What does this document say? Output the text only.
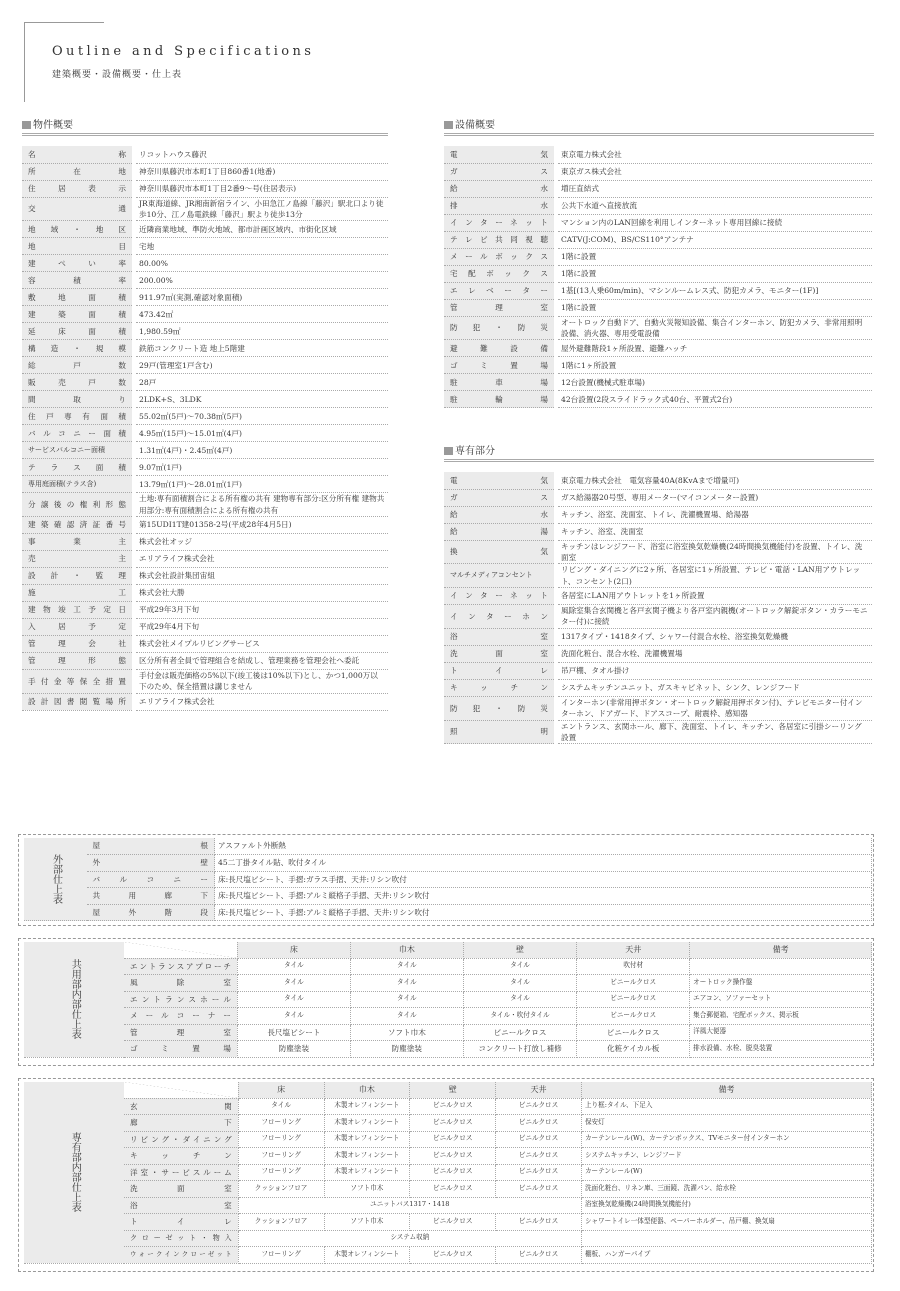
Outline and Specifications
建築概要・設備概要・仕上表
物件概要
名称	リコットハウス藤沢
所在地	神奈川県藤沢市本町1丁目860番1(地番)
住居表示	神奈川県藤沢市本町1丁目2番9〜号(住居表示)
交通	JR東海道線、JR湘南新宿ライン、小田急江ノ島線「藤沢」駅北口より徒歩10分、江ノ島電鉄線「藤沢」駅より徒歩13分
地域・地区	近隣商業地域、準防火地域、都市計画区域内、市街化区域
地目	宅地
建ぺい率	80.00%
容積率	200.00%
敷地面積	911.97㎡(実測,確認対象面積)
建築面積	473.42㎡
延床面積	1,980.59㎡
構造・規模	鉄筋コンクリート造 地上5階建
総戸数	29戸(管理室1戸含む)
販売戸数	28戸
間取り	2LDK+S、3LDK
住戸専有面積	55.02㎡(5戸)〜70.38㎡(5戸)
バルコニー面積	4.95㎡(15戸)〜15.01㎡(4戸)
サービスバルコニー面積	1.31㎡(4戸)・2.45㎡(4戸)
テラス面積	9.07㎡(1戸)
専用庭面積(テラス含)	13.79㎡(1戸)〜28.01㎡(1戸)
分譲後の権利形態	土地:専有面積割合による所有権の共有 建物専有部分:区分所有権 建物共用部分:専有面積割合による所有権の共有
建築確認済証番号	第15UDI1T建01358-2号(平成28年4月5日)
事業主	株式会社オッジ
売主	エリアライフ株式会社
設計・監理	株式会社設計集団宙組
施工	株式会社大勝
建物竣工予定日	平成29年3月下旬
入居予定	平成29年4月下旬
管理会社	株式会社メイプルリビングサービス
管理形態	区分所有者全員で管理組合を結成し、管理業務を管理会社へ委託
手付金等保全措置	手付金は販売価格の5%以下(竣工後は10%以下)とし、かつ1,000万以下のため、保全措置は講じません
設計図書閲覧場所	エリアライフ株式会社
設備概要
電気	東京電力株式会社
ガス	東京ガス株式会社
給水	増圧直結式
排水	公共下水道へ直接放流
インターネット	マンション内のLAN回線を利用しインターネット専用回線に接続
テレビ共同視聴	CATV(J:COM)、BS/CS110°アンテナ
メールボックス	1階に設置
宅配ボックス	1階に設置
エレベーター	1基[(13人乗60m/min)、マシンルームレス式、防犯カメラ、モニター(1F)]
管理室	1階に設置
防犯・防災	オートロック自動ドア、自動火災報知設備、集合インターホン、防犯カメラ、非常用照明設備、消火器、専用受電設備
避難設備	屋外避難階段1ヶ所設置、避難ハッチ
ゴミ置場	1階に1ヶ所設置
駐車場	12台設置(機械式駐車場)
駐輪場	42台設置(2段スライドラック式40台、平置式2台)
専有部分
電気	東京電力株式会社　電気容量40A(8KvAまで増量可)
ガス	ガス給湯器20号型、専用メーター(マイコンメーター設置)
給水	キッチン、浴室、洗面室、トイレ、洗濯機置場、給湯器
給湯	キッチン、浴室、洗面室
換気	キッチンはレンジフード、浴室に浴室換気乾燥機(24時間換気機能付)を設置、トイレ、洗面室
マルチメディアコンセント	リビング・ダイニングに2ヶ所、各居室に1ヶ所設置、テレビ・電話・LAN用アウトレット、コンセント(2口)
インターネット	各居室にLAN用アウトレットを1ヶ所設置
インターホン	風除室集合玄関機と各戸玄関子機より各戸室内親機(オートロック解錠ボタン・カラーモニター付)に接続
浴室	1317タイプ・1418タイプ、シャワー付混合水栓、浴室換気乾燥機
洗面室	洗面化粧台、混合水栓、洗濯機置場
トイレ	吊戸棚、タオル掛け
キッチン	システムキッチンユニット、ガスキャビネット、シンク、レンジフード
防犯・防災	インターホン(非常用押ボタン・オートロック解錠用押ボタン付)、テレビモニター付インターホン、ドアガード、ドアスコープ、耐震枠、感知器
照明	エントランス、玄関ホール、廊下、洗面室、トイレ、キッチン、各居室に引掛シーリング設置
外部仕上表	屋根	アスファルト外断熱
	外壁	45二丁掛タイル貼、吹付タイル
	バルコニー	床:長尺塩ビシート、手摺:ガラス手摺、天井:リシン吹付
	共用廊下	床:長尺塩ビシート、手摺:アルミ縦格子手摺、天井:リシン吹付
	屋外階段	床:長尺塩ビシート、手摺:アルミ縦格子手摺、天井:リシン吹付
共用部内部仕上表		床	巾木	壁	天井	備考
	エントランスアプローチ	タイル	タイル	タイル	吹付材	
	風除室	タイル	タイル	タイル	ビニールクロス	オートロック操作盤
	エントランスホール	タイル	タイル	タイル	ビニールクロス	エアコン、ソファーセット
	メールコーナー	タイル	タイル	タイル・吹付タイル	ビニールクロス	集合郵便箱、宅配ボックス、掲示板
	管理室	長尺塩ビシート	ソフト巾木	ビニールクロス	ビニールクロス	洋風大便器
	ゴミ置場	防塵塗装	防塵塗装	コンクリート打放し補修	化粧ケイカル板	排水設備、水栓、脱臭装置
専有部内部仕上表		床	巾木	壁	天井	備考
	玄関	タイル	木製オレフィンシート	ビニルクロス	ビニルクロス	上り框:タイル、下足入
	廊下	フローリング	木製オレフィンシート	ビニルクロス	ビニルクロス	保安灯
	リビング・ダイニング	フローリング	木製オレフィンシート	ビニルクロス	ビニルクロス	カーテンレール(W)、カーテンボックス、TVモニター付インターホン
	キッチン	フローリング	木製オレフィンシート	ビニルクロス	ビニルクロス	システムキッチン、レンジフード
	洋室・サービスルーム	フローリング	木製オレフィンシート	ビニルクロス	ビニルクロス	カーテンレール(W)
	洗面室	クッションフロア	ソフト巾木	ビニルクロス	ビニルクロス	洗面化粧台、リネン庫、三面鏡、洗濯パン、給水栓
	浴室	ユニットバス1317・1418				浴室換気乾燥機(24時間換気機能付)
	トイレ	クッションフロア	ソフト巾木	ビニルクロス	ビニルクロス	シャワートイレ一体型便器、ペーパーホルダー、吊戸棚、換気扇
	クローゼット・物入	システム収納				
	ウォークインクローゼット	フローリング	木製オレフィンシート	ビニルクロス	ビニルクロス	棚板、ハンガーパイプ
